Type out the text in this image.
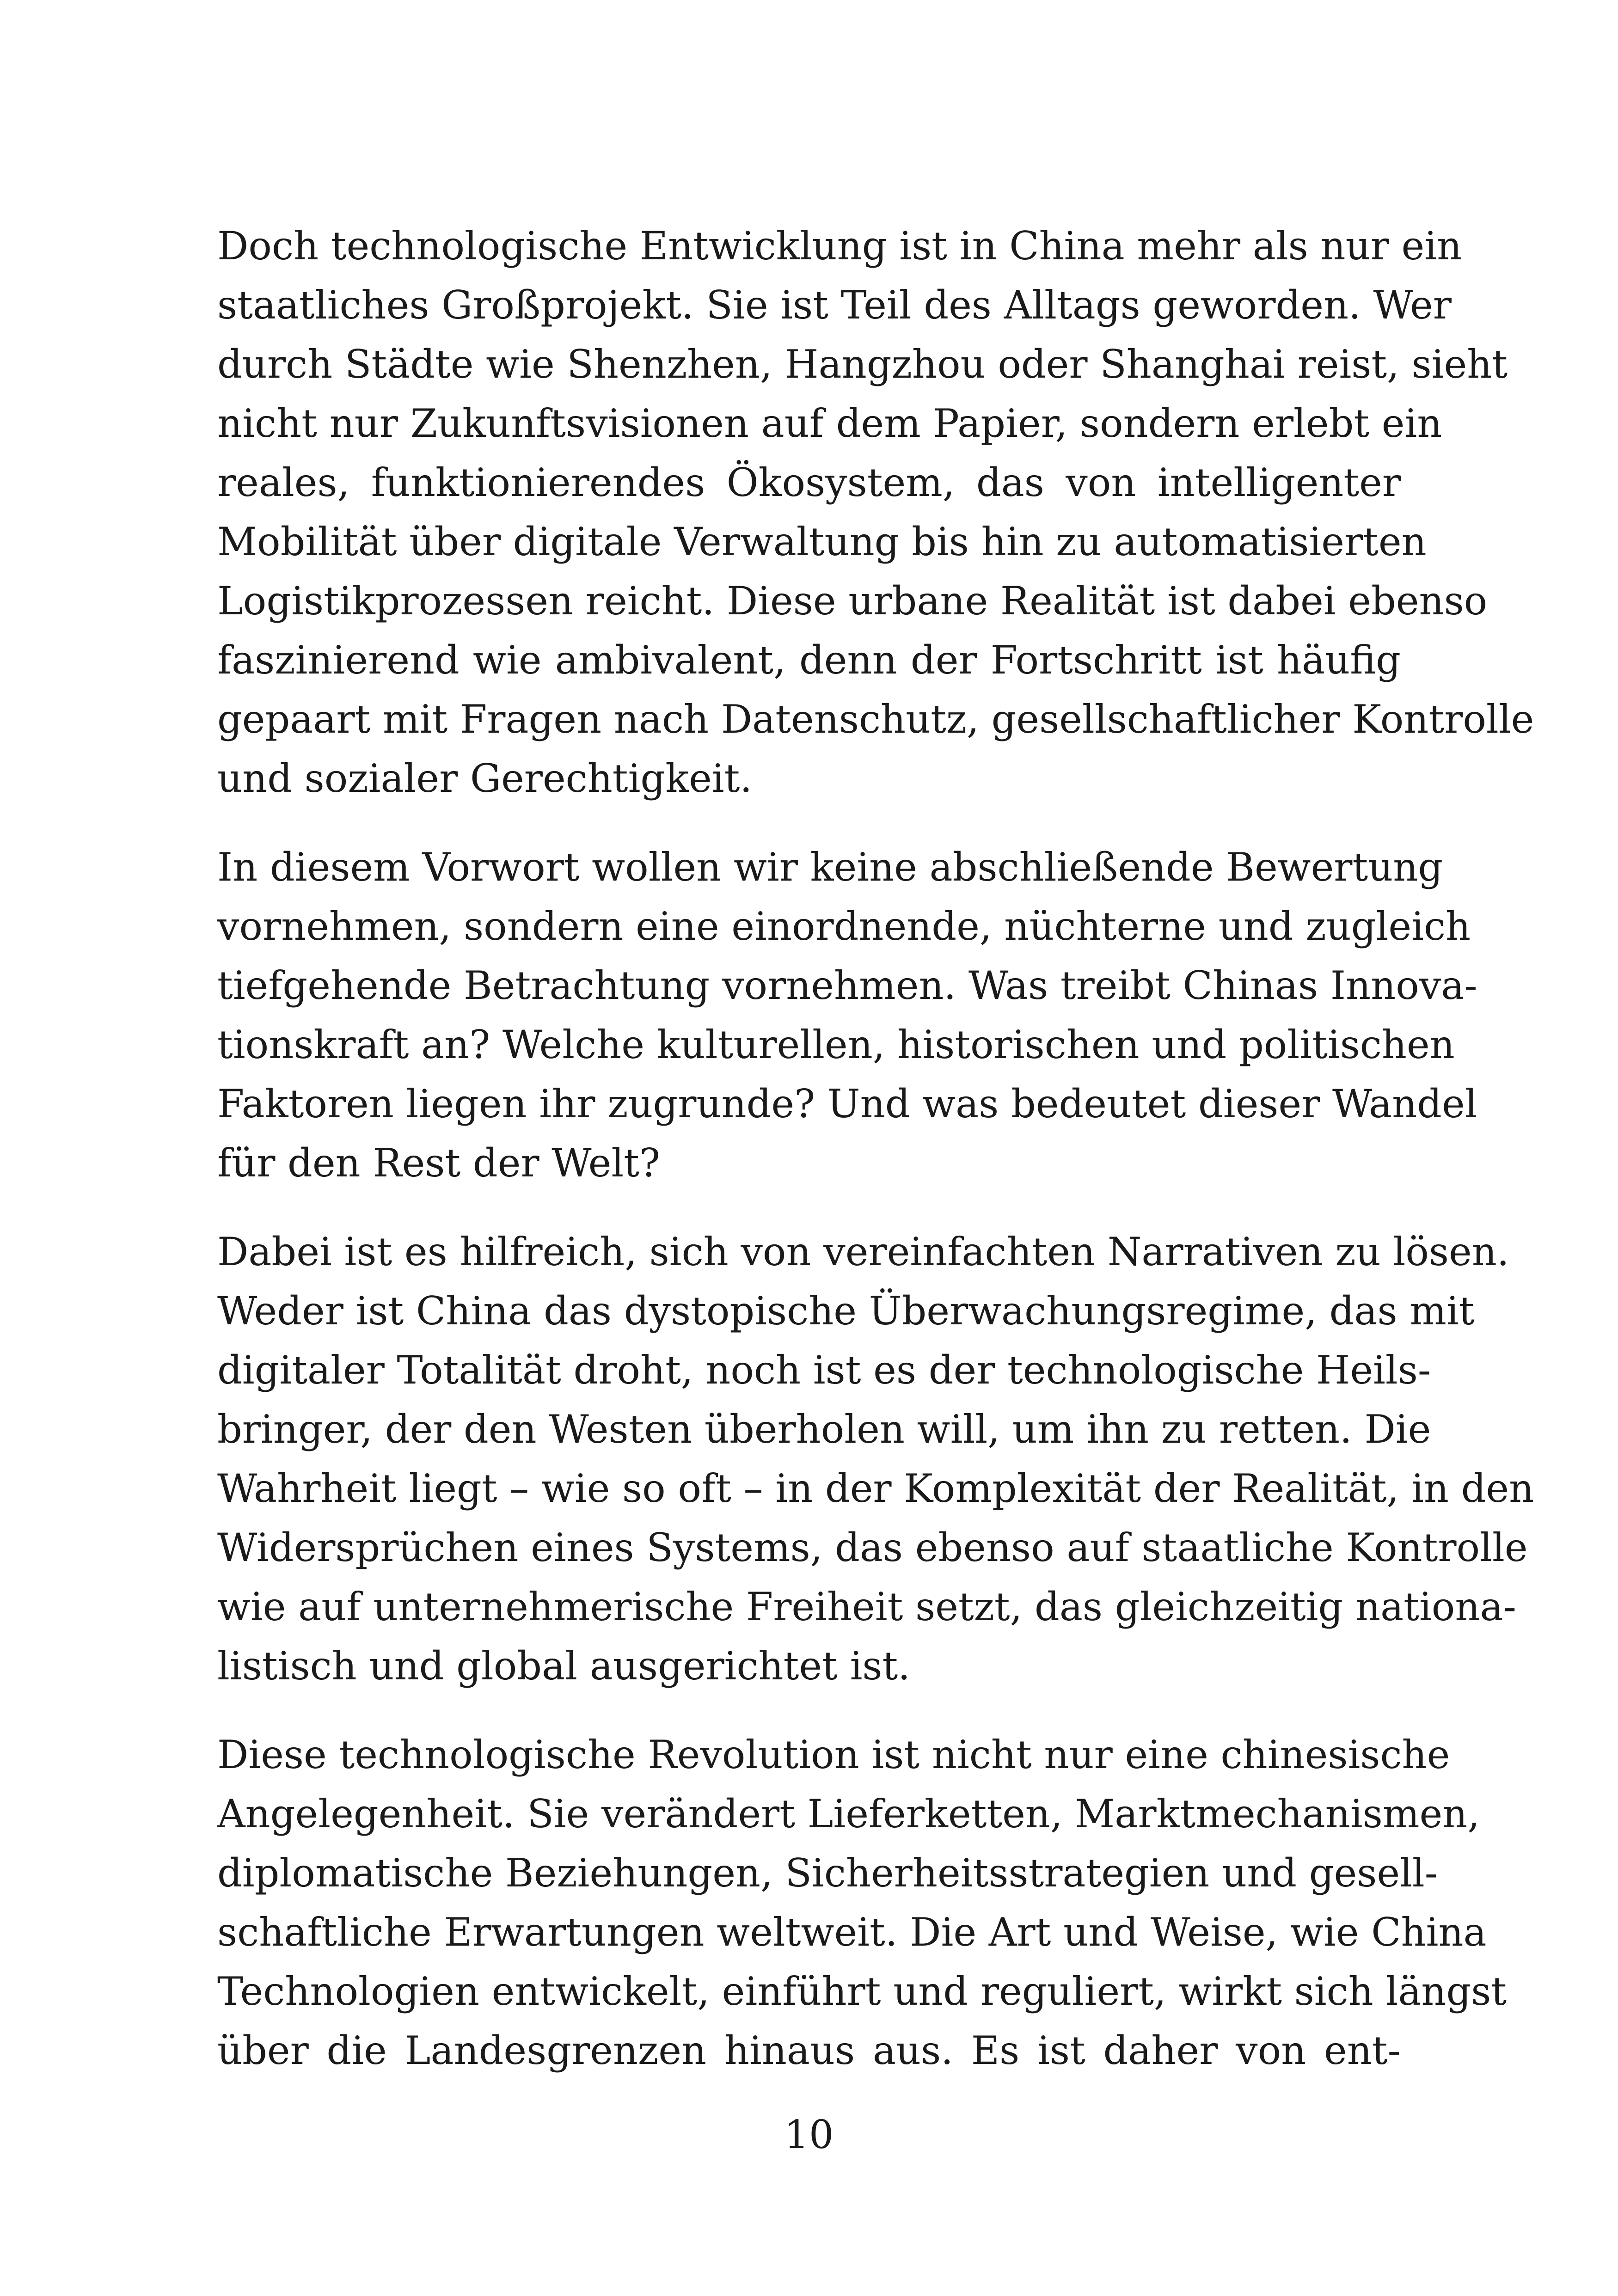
Doch technologische Entwicklung ist in China mehr als nur ein
staatliches Großprojekt. Sie ist Teil des Alltags geworden. Wer
durch Städte wie Shenzhen, Hangzhou oder Shanghai reist, sieht
nicht nur Zukunftsvisionen auf dem Papier, sondern erlebt ein
reales, funktionierendes Ökosystem, das von intelligenter
Mobilität über digitale Verwaltung bis hin zu automatisierten
Logistikprozessen reicht. Diese urbane Realität ist dabei ebenso
faszinierend wie ambivalent, denn der Fortschritt ist häufig
gepaart mit Fragen nach Datenschutz, gesellschaftlicher Kontrolle
und sozialer Gerechtigkeit.
In diesem Vorwort wollen wir keine abschließende Bewertung
vornehmen, sondern eine einordnende, nüchterne und zugleich
tiefgehende Betrachtung vornehmen. Was treibt Chinas Innova-
tionskraft an? Welche kulturellen, historischen und politischen
Faktoren liegen ihr zugrunde? Und was bedeutet dieser Wandel
für den Rest der Welt?
Dabei ist es hilfreich, sich von vereinfachten Narrativen zu lösen.
Weder ist China das dystopische Überwachungsregime, das mit
digitaler Totalität droht, noch ist es der technologische Heils-
bringer, der den Westen überholen will, um ihn zu retten. Die
Wahrheit liegt – wie so oft – in der Komplexität der Realität, in den
Widersprüchen eines Systems, das ebenso auf staatliche Kontrolle
wie auf unternehmerische Freiheit setzt, das gleichzeitig nationa-
listisch und global ausgerichtet ist.
Diese technologische Revolution ist nicht nur eine chinesische
Angelegenheit. Sie verändert Lieferketten, Marktmechanismen,
diplomatische Beziehungen, Sicherheitsstrategien und gesell-
schaftliche Erwartungen weltweit. Die Art und Weise, wie China
Technologien entwickelt, einführt und reguliert, wirkt sich längst
über die Landesgrenzen hinaus aus. Es ist daher von ent-
10
